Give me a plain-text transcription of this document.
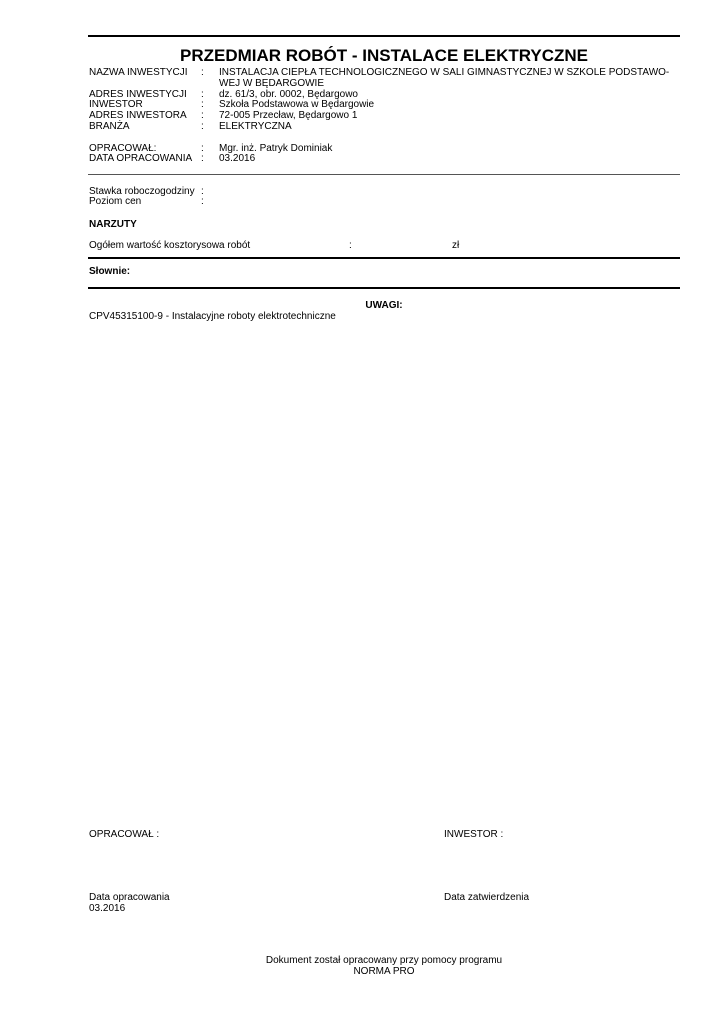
PRZEDMIAR ROBÓT - INSTALACE ELEKTRYCZNE
NAZWA INWESTYCJI : INSTALACJA CIEPŁA TECHNOLOGICZNEGO W SALI GIMNASTYCZNEJ W SZKOLE PODSTAWO-
WEJ W BĘDARGOWIE
ADRES INWESTYCJI : dz. 61/3, obr. 0002, Będargowo
INWESTOR	: Szkoła Podstawowa w Będargowie
ADRES INWESTORA : 72-005 Przecław, Będargowo 1
BRANŻA	: ELEKTRYCZNA
OPRACOWAŁ:	: Mgr. inż. Patryk Dominiak
DATA OPRACOWANIA : 03.2016
Stawka roboczogodziny :
Poziom cen	:
NARZUTY
Ogółem wartość kosztorysowa robót	:	zł
Słownie:
UWAGI:
CPV45315100-9 - Instalacyjne roboty elektrotechniczne
OPRACOWAŁ :	INWESTOR :
Data opracowania
03.2016
Data zatwierdzenia
Dokument został opracowany przy pomocy programu
NORMA PRO
